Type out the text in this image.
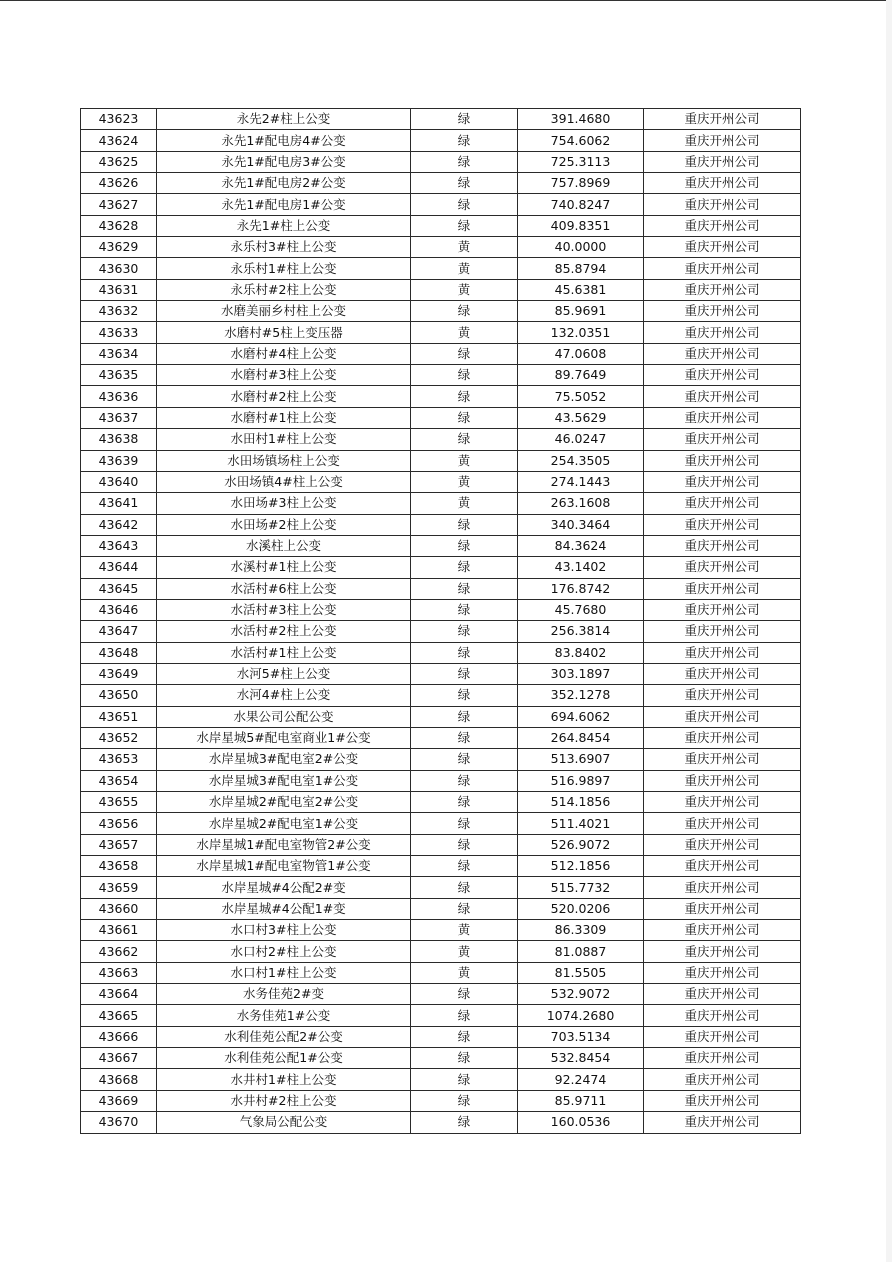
43623	永先2#柱上公变	绿	391.4680	重庆开州公司
43624	永先1#配电房4#公变	绿	754.6062	重庆开州公司
43625	永先1#配电房3#公变	绿	725.3113	重庆开州公司
43626	永先1#配电房2#公变	绿	757.8969	重庆开州公司
43627	永先1#配电房1#公变	绿	740.8247	重庆开州公司
43628	永先1#柱上公变	绿	409.8351	重庆开州公司
43629	永乐村3#柱上公变	黄	40.0000	重庆开州公司
43630	永乐村1#柱上公变	黄	85.8794	重庆开州公司
43631	永乐村#2柱上公变	黄	45.6381	重庆开州公司
43632	水磨美丽乡村柱上公变	绿	85.9691	重庆开州公司
43633	水磨村#5柱上变压器	黄	132.0351	重庆开州公司
43634	水磨村#4柱上公变	绿	47.0608	重庆开州公司
43635	水磨村#3柱上公变	绿	89.7649	重庆开州公司
43636	水磨村#2柱上公变	绿	75.5052	重庆开州公司
43637	水磨村#1柱上公变	绿	43.5629	重庆开州公司
43638	水田村1#柱上公变	绿	46.0247	重庆开州公司
43639	水田场镇场柱上公变	黄	254.3505	重庆开州公司
43640	水田场镇4#柱上公变	黄	274.1443	重庆开州公司
43641	水田场#3柱上公变	黄	263.1608	重庆开州公司
43642	水田场#2柱上公变	绿	340.3464	重庆开州公司
43643	水溪柱上公变	绿	84.3624	重庆开州公司
43644	水溪村#1柱上公变	绿	43.1402	重庆开州公司
43645	水活村#6柱上公变	绿	176.8742	重庆开州公司
43646	水活村#3柱上公变	绿	45.7680	重庆开州公司
43647	水活村#2柱上公变	绿	256.3814	重庆开州公司
43648	水活村#1柱上公变	绿	83.8402	重庆开州公司
43649	水河5#柱上公变	绿	303.1897	重庆开州公司
43650	水河4#柱上公变	绿	352.1278	重庆开州公司
43651	水果公司公配公变	绿	694.6062	重庆开州公司
43652	水岸星城5#配电室商业1#公变	绿	264.8454	重庆开州公司
43653	水岸星城3#配电室2#公变	绿	513.6907	重庆开州公司
43654	水岸星城3#配电室1#公变	绿	516.9897	重庆开州公司
43655	水岸星城2#配电室2#公变	绿	514.1856	重庆开州公司
43656	水岸星城2#配电室1#公变	绿	511.4021	重庆开州公司
43657	水岸星城1#配电室物管2#公变	绿	526.9072	重庆开州公司
43658	水岸星城1#配电室物管1#公变	绿	512.1856	重庆开州公司
43659	水岸星城#4公配2#变	绿	515.7732	重庆开州公司
43660	水岸星城#4公配1#变	绿	520.0206	重庆开州公司
43661	水口村3#柱上公变	黄	86.3309	重庆开州公司
43662	水口村2#柱上公变	黄	81.0887	重庆开州公司
43663	水口村1#柱上公变	黄	81.5505	重庆开州公司
43664	水务佳苑2#变	绿	532.9072	重庆开州公司
43665	水务佳苑1#公变	绿	1074.2680	重庆开州公司
43666	水利佳苑公配2#公变	绿	703.5134	重庆开州公司
43667	水利佳苑公配1#公变	绿	532.8454	重庆开州公司
43668	水井村1#柱上公变	绿	92.2474	重庆开州公司
43669	水井村#2柱上公变	绿	85.9711	重庆开州公司
43670	气象局公配公变	绿	160.0536	重庆开州公司
